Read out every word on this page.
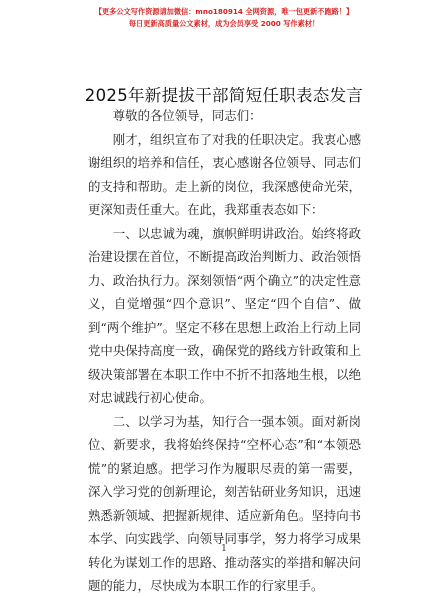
【更多公文写作资源请加微信：mno180914 全网资源，唯一包更新不跑路！】
每日更新高质量公文素材，成为会员享受 2000 写作素材！
2025年新提拔干部简短任职表态发言

尊敬的各位领导，同志们：

刚才，组织宣布了对我的任职决定。我衷心感谢组织的培养和信任，衷心感谢各位领导、同志们的支持和帮助。走上新的岗位，我深感使命光荣，更深知责任重大。在此，我郑重表态如下：

一、以忠诚为魂，旗帜鲜明讲政治。始终将政治建设摆在首位，不断提高政治判断力、政治领悟力、政治执行力。深刻领悟“两个确立”的决定性意义，自觉增强“四个意识”、坚定“四个自信”、做到“两个维护”。坚定不移在思想上政治上行动上同党中央保持高度一致，确保党的路线方针政策和上级决策部署在本职工作中不折不扣落地生根，以绝对忠诚践行初心使命。

二、以学习为基，知行合一强本领。面对新岗位、新要求，我将始终保持“空杯心态”和“本领恐慌”的紧迫感。把学习作为履职尽责的第一需要，深入学习党的创新理论，刻苦钻研业务知识，迅速熟悉新领域、把握新规律、适应新角色。坚持向书本学、向实践学、向领导同事学，努力将学习成果转化为谋划工作的思路、推动落实的举措和解决问题的能力，尽快成为本职工作的行家里手。

1
